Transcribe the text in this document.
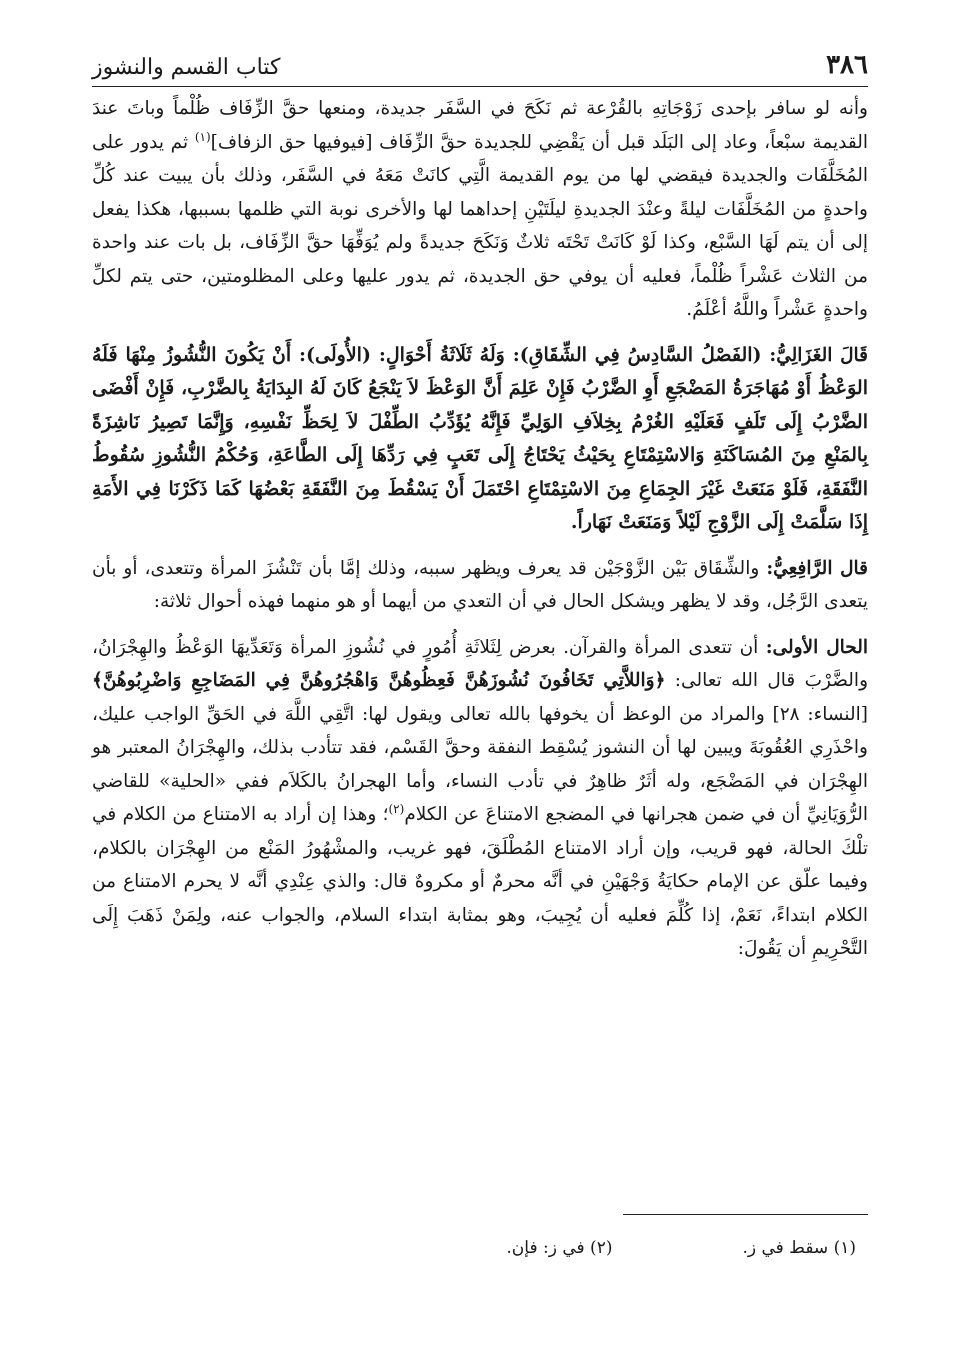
٣٨٦
كتاب القسم والنشوز

وأنه لو سافر بإحدى زَوْجَاتِهِ بالقُرْعة ثم نَكَحَ في السَّفَر جديدة، ومنعها حقَّ الزِّفَاف ظُلْماً وباتَ عندَ القديمة سبْعاً، وعاد إلى البَلَد قبل أن يَقْضِي للجديدة حقَّ الزِّفَاف [فيوفيها حق الزفاف]$^{(١)}$ ثم يدور على المُخَلَّفَات والجديدة فيقضي لها من يوم القديمة الَّتِي كانَتْ مَعَهُ في السَّفَر، وذلك بأن يبيت عند كُلِّ واحدةٍ من المُخَلَّفَات ليلةً وعنْدَ الجديدةِ ليلَتَيْنِ إحداهما لها والأخرى نوبة التي ظلمها بسببها، هكذا يفعل إلى أن يتم لَهَا السَّبْع، وكذا لَوْ كَانَتْ تَحْتَه ثلاثٌ وَنَكَحَ جديدةً ولم يُوَفِّهَا حقَّ الزِّفَاف، بل بات عند واحدة من الثلاث عَشْراً ظُلْماً، فعليه أن يوفي حق الجديدة، ثم يدور عليها وعلى المظلومتين، حتى يتم لكلِّ واحدةٍ عَشْراً واللَّهُ أعْلَمُ.

قَالَ الغَزَالِيُّ: (الفَصْلُ السَّادِسُ فِي الشِّقَاقِ): وَلَهُ ثَلَاثَةُ أَحْوَالٍ: (الأُولَى): أَنْ يَكُونَ النُّشُوزُ مِنْهَا فَلَهُ الوَعْظُ أَوْ مُهَاجَرَةُ المَضْجَعِ أَوِ الضَّرْبُ فَإِنْ عَلِمَ أَنَّ الوَعْظَ لاَ يَنْجَعُ كَانَ لَهُ البِدَايَةُ بِالضَّرْبِ، فَإِنْ أَفْضَى الضَّرْبُ إِلَى تَلَفٍ فَعَلَيْهِ الغُرْمُ بِخِلاَفِ الوَلِيِّ فَإِنَّهُ يُؤَدِّبُ الطِّفْلَ لاَ لِحَظِّ نَفْسِهِ، وَإِنَّمَا تَصِيرُ نَاشِزَةً بِالمَنْعِ مِنَ المُسَاكَنَةِ وَالاسْتِمْتَاعِ بِحَيْثُ يَحْتَاجُ إِلَى تَعَبٍ فِي رَدِّهَا إِلَى الطَّاعَةِ، وَحُكْمُ النُّشُوزِ سُقُوطُ النَّفَقَةِ، فَلَوْ مَنَعَتْ غَيْرَ الجِمَاعِ مِنَ الاسْتِمْتَاعِ احْتَمَلَ أَنْ يَسْقُطَ مِنَ النَّفَقَةِ بَعْضُهَا كَمَا ذَكَرْنَا فِي الأَمَةِ إِذَا سَلَّمَتْ إِلَى الزَّوْجِ لَيْلاً وَمَنَعَتْ نَهَاراً.

قال الرَّافِعِيُّ: والشِّقَاق بَيْن الزَّوْجَيْن قد يعرف ويظهر سببه، وذلك إمَّا بأن تَنْشُزَ المرأة وتتعدى، أو بأن يتعدى الرَّجُل، وقد لا يظهر ويشكل الحال في أن التعدي من أيهما أو هو منهما فهذه أحوال ثلاثة:

الحال الأولى: أن تتعدى المرأة والقرآن. بعرض لِثَلاثَةِ أُمُورٍ في نُشُوزِ المرأة وَتَعَدِّيهَا الوَعْظُ والهِجْرَانُ، والضَّرْبَ قال الله تعالى: ﴿وَاللاَّتِي تَخَافُونَ نُشُوزَهُنَّ فَعِظُوهُنَّ وَاهْجُرُوهُنَّ فِي المَضَاجِعِ وَاضْرِبُوهُنَّ﴾ [النساء: ٢٨] والمراد من الوعظ أن يخوفها بالله تعالى ويقول لها: اتَّقِي اللَّهَ في الحَقِّ الواجب عليك، واحْذَرِي العُقُوبَةَ ويبين لها أن النشوز يُسْقِط النفقة وحقَّ القَسْم، فقد تتأدب بذلك، والهِجْرَانُ المعتبر هو الهِجْرَان في المَضْجَع، وله أثَرٌ ظاهِرٌ في تأدب النساء، وأما الهجرانُ بالكَلاَم ففي «الحلية» للقاضي الرُّوَيَانِيِّ أن في ضمن هجرانها في المضجع الامتناعَ عن الكلام$^{(٢)}$؛ وهذا إن أراد به الامتناع من الكلام في تلْكَ الحالة، فهو قريب، وإن أراد الامتناع المُطْلَقَ، فهو غريب، والمشْهُورُ المَنْع من الهِجْرَان بالكلام، وفيما علّق عن الإمام حكايَةُ وَجْهَيْنِ في أنَّه محرمٌ أو مكروهٌ قال: والذي عِنْدِي أنَّه لا يحرم الامتناع من الكلام ابتداءً، نَعَمْ، إذا كُلِّمَ فعليه أن يُجِيبَ، وهو بمثابة ابتداء السلام، والجواب عنه، ولِمَنْ ذَهَبَ إِلَى التَّحْرِيمِ أن يَقُولَ:

(١) سقط في ز.
(٢) في ز: فإن.
